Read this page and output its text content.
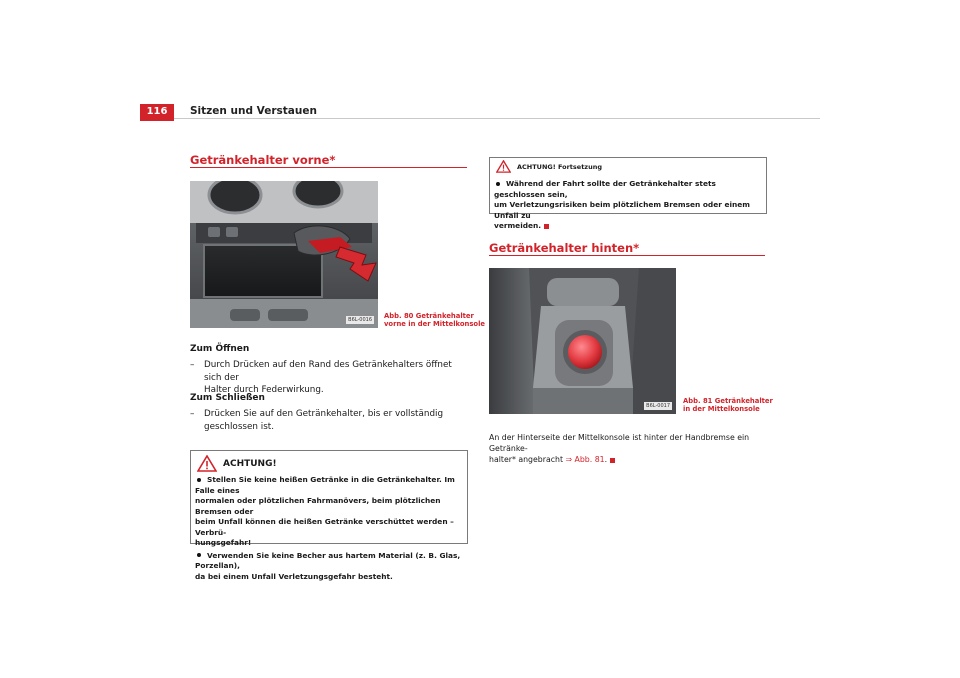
116	Sitzen und Verstauen
Getränkehalter vorne*
B6L-0016 Abb. 80 Getränkehalter
vorne in der Mittelkonsole
Zum Öffnen
–	Durch Drücken auf den Rand des Getränkehalters öffnet sich der
Halter durch Federwirkung.
Zum Schließen
–	Drücken Sie auf den Getränkehalter, bis er vollständig
geschlossen ist.
ACHTUNG!
Stellen Sie keine heißen Getränke in die Getränkehalter. Im Falle eines
normalen oder plötzlichen Fahrmanövers, beim plötzlichen Bremsen oder
beim Unfall können die heißen Getränke verschüttet werden – Verbrü-
hungsgefahr!
Verwenden Sie keine Becher aus hartem Material (z. B. Glas, Porzellan),
da bei einem Unfall Verletzungsgefahr besteht.
ACHTUNG! Fortsetzung
Während der Fahrt sollte der Getränkehalter stets geschlossen sein,
um Verletzungsrisiken beim plötzlichem Bremsen oder einem Unfall zu
vermeiden.
Getränkehalter hinten*
B6L-0017
Abb. 81 Getränkehalter
in der Mittelkonsole
An der Hinterseite der Mittelkonsole ist hinter der Handbremse ein Getränke-
halter* angebracht ⇒ Abb. 81.
